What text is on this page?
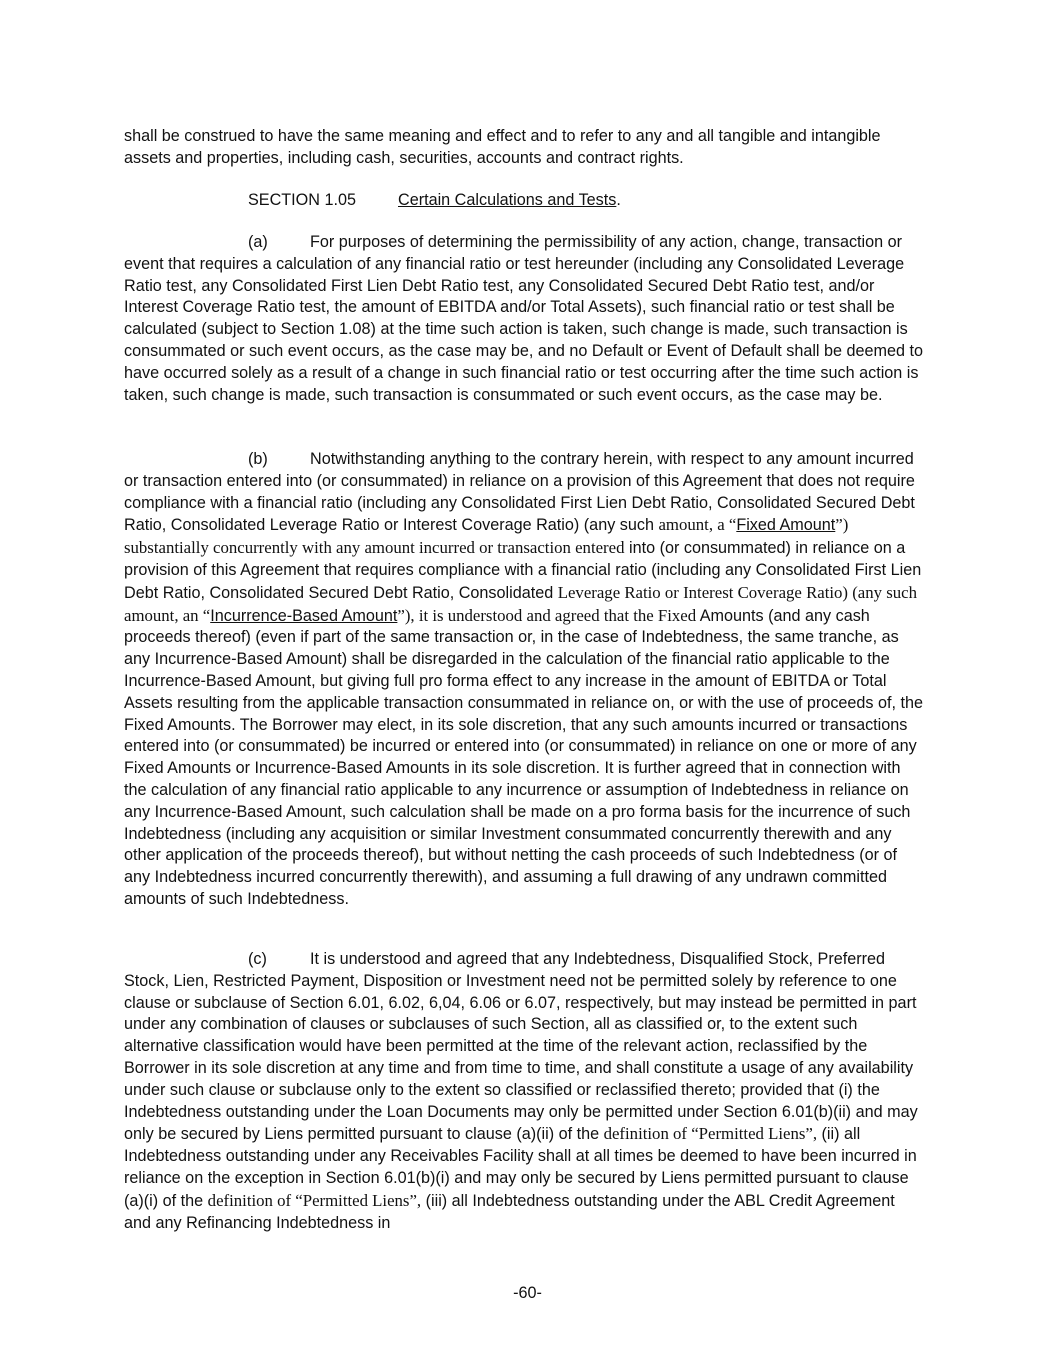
shall be construed to have the same meaning and effect and to refer to any and all tangible and intangible assets and properties, including cash, securities, accounts and contract rights.

SECTION 1.05	Certain Calculations and Tests.

(a)	For purposes of determining the permissibility of any action, change, transaction or event that requires a calculation of any financial ratio or test hereunder (including any Consolidated Leverage Ratio test, any Consolidated First Lien Debt Ratio test, any Consolidated Secured Debt Ratio test, and/or Interest Coverage Ratio test, the amount of EBITDA and/or Total Assets), such financial ratio or test shall be calculated (subject to Section 1.08) at the time such action is taken, such change is made, such transaction is consummated or such event occurs, as the case may be, and no Default or Event of Default shall be deemed to have occurred solely as a result of a change in such financial ratio or test occurring after the time such action is taken, such change is made, such transaction is consummated or such event occurs, as the case may be.

(b)	Notwithstanding anything to the contrary herein, with respect to any amount incurred or transaction entered into (or consummated) in reliance on a provision of this Agreement that does not require compliance with a financial ratio (including any Consolidated First Lien Debt Ratio, Consolidated Secured Debt Ratio, Consolidated Leverage Ratio or Interest Coverage Ratio) (any such amount, a “Fixed Amount”) substantially concurrently with any amount incurred or transaction entered into (or consummated) in reliance on a provision of this Agreement that requires compliance with a financial ratio (including any Consolidated First Lien Debt Ratio, Consolidated Secured Debt Ratio, Consolidated Leverage Ratio or Interest Coverage Ratio) (any such amount, an “Incurrence-Based Amount”), it is understood and agreed that the Fixed Amounts (and any cash proceeds thereof) (even if part of the same transaction or, in the case of Indebtedness, the same tranche, as any Incurrence-Based Amount) shall be disregarded in the calculation of the financial ratio applicable to the Incurrence-Based Amount, but giving full pro forma effect to any increase in the amount of EBITDA or Total Assets resulting from the applicable transaction consummated in reliance on, or with the use of proceeds of, the Fixed Amounts. The Borrower may elect, in its sole discretion, that any such amounts incurred or transactions entered into (or consummated) be incurred or entered into (or consummated) in reliance on one or more of any Fixed Amounts or Incurrence-Based Amounts in its sole discretion. It is further agreed that in connection with the calculation of any financial ratio applicable to any incurrence or assumption of Indebtedness in reliance on any Incurrence-Based Amount, such calculation shall be made on a pro forma basis for the incurrence of such Indebtedness (including any acquisition or similar Investment consummated concurrently therewith and any other application of the proceeds thereof), but without netting the cash proceeds of such Indebtedness (or of any Indebtedness incurred concurrently therewith), and assuming a full drawing of any undrawn committed amounts of such Indebtedness.

(c)	It is understood and agreed that any Indebtedness, Disqualified Stock, Preferred Stock, Lien, Restricted Payment, Disposition or Investment need not be permitted solely by reference to one clause or subclause of Section 6.01, 6.02, 6,04, 6.06 or 6.07, respectively, but may instead be permitted in part under any combination of clauses or subclauses of such Section, all as classified or, to the extent such alternative classification would have been permitted at the time of the relevant action, reclassified by the Borrower in its sole discretion at any time and from time to time, and shall constitute a usage of any availability under such clause or subclause only to the extent so classified or reclassified thereto; provided that (i) the Indebtedness outstanding under the Loan Documents may only be permitted under Section 6.01(b)(ii) and may only be secured by Liens permitted pursuant to clause (a)(ii) of the definition of “Permitted Liens”, (ii) all Indebtedness outstanding under any Receivables Facility shall at all times be deemed to have been incurred in reliance on the exception in Section 6.01(b)(i) and may only be secured by Liens permitted pursuant to clause (a)(i) of the definition of “Permitted Liens”, (iii) all Indebtedness outstanding under the ABL Credit Agreement and any Refinancing Indebtedness in

-60-
